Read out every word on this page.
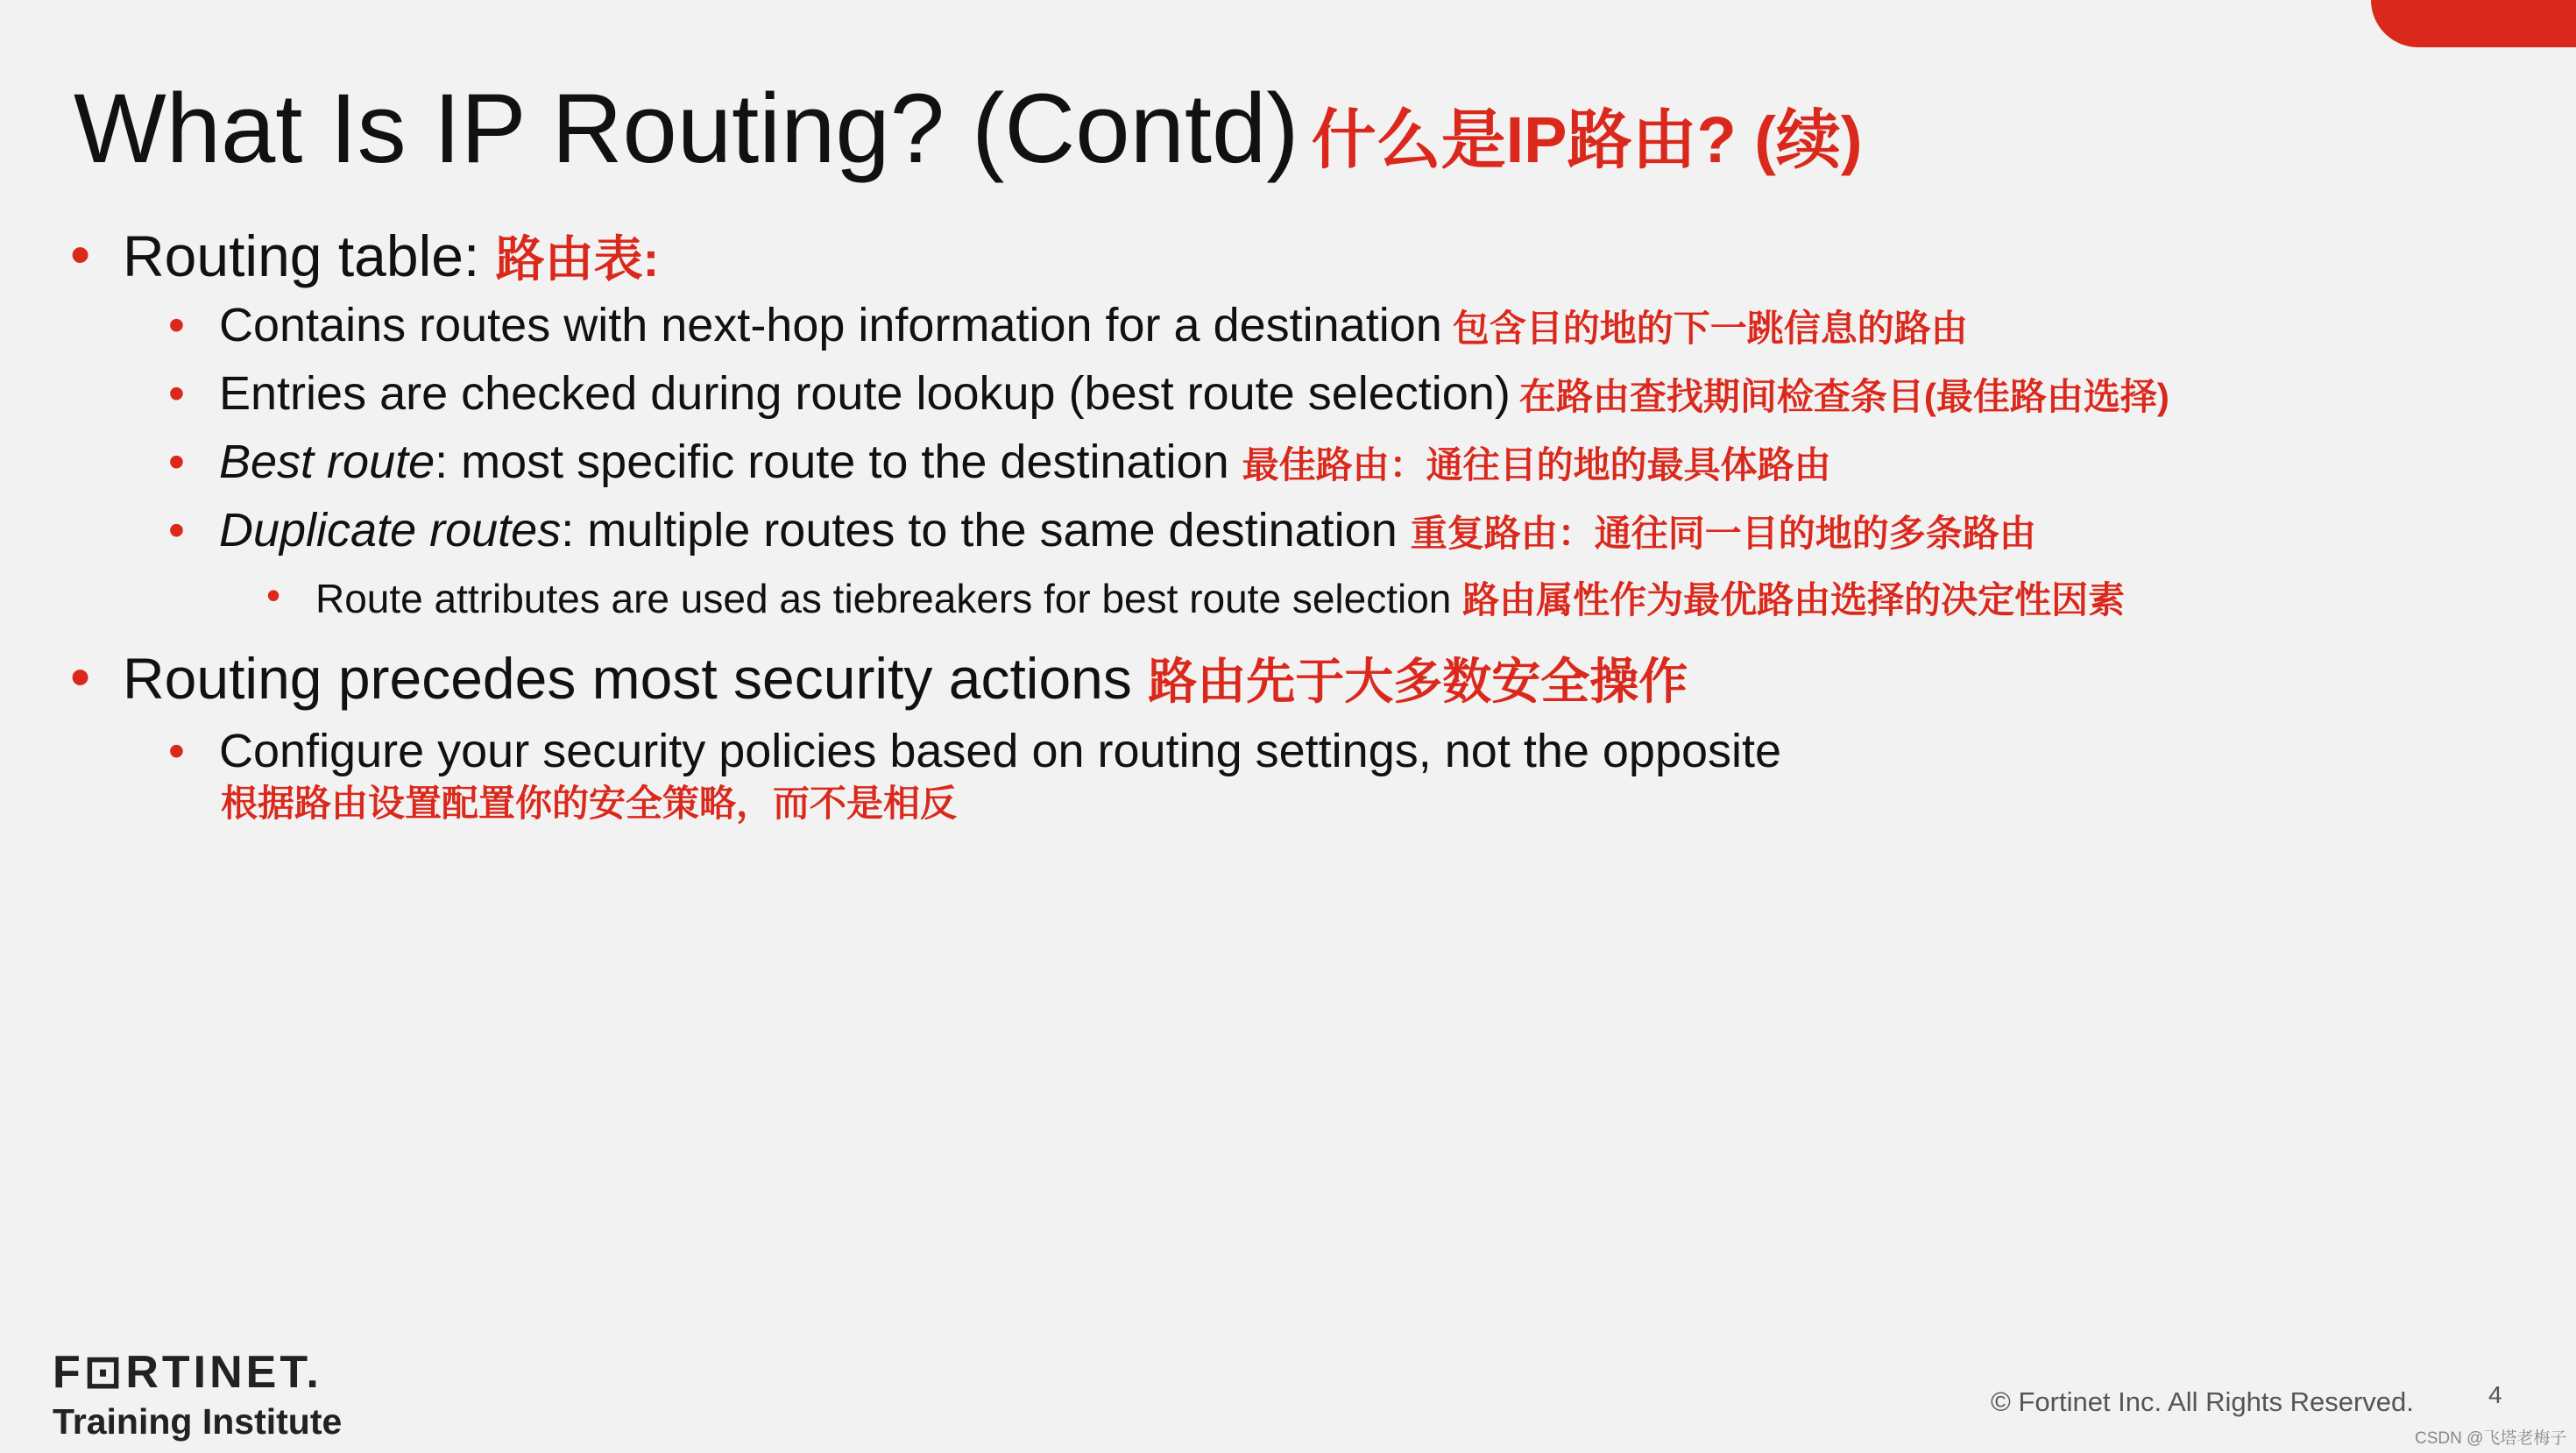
What Is IP Routing? (Contd) 什么是IP路由? (续)
• Routing table: 路由表:
• Contains routes with next-hop information for a destination 包含目的地的下一跳信息的路由
• Entries are checked during route lookup (best route selection) 在路由查找期间检查条目(最佳路由选择)
• Best route: most specific route to the destination 最佳路由：通往目的地的最具体路由
• Duplicate routes: multiple routes to the same destination 重复路由：通往同一目的地的多条路由
• Route attributes are used as tiebreakers for best route selection 路由属性作为最优路由选择的决定性因素
• Routing precedes most security actions 路由先于大多数安全操作
• Configure your security policies based on routing settings, not the opposite
根据路由设置配置你的安全策略，而不是相反
F⊡RTINET.
Training Institute	© Fortinet Inc. All Rights Reserved.	4
CSDN @飞塔老梅子
